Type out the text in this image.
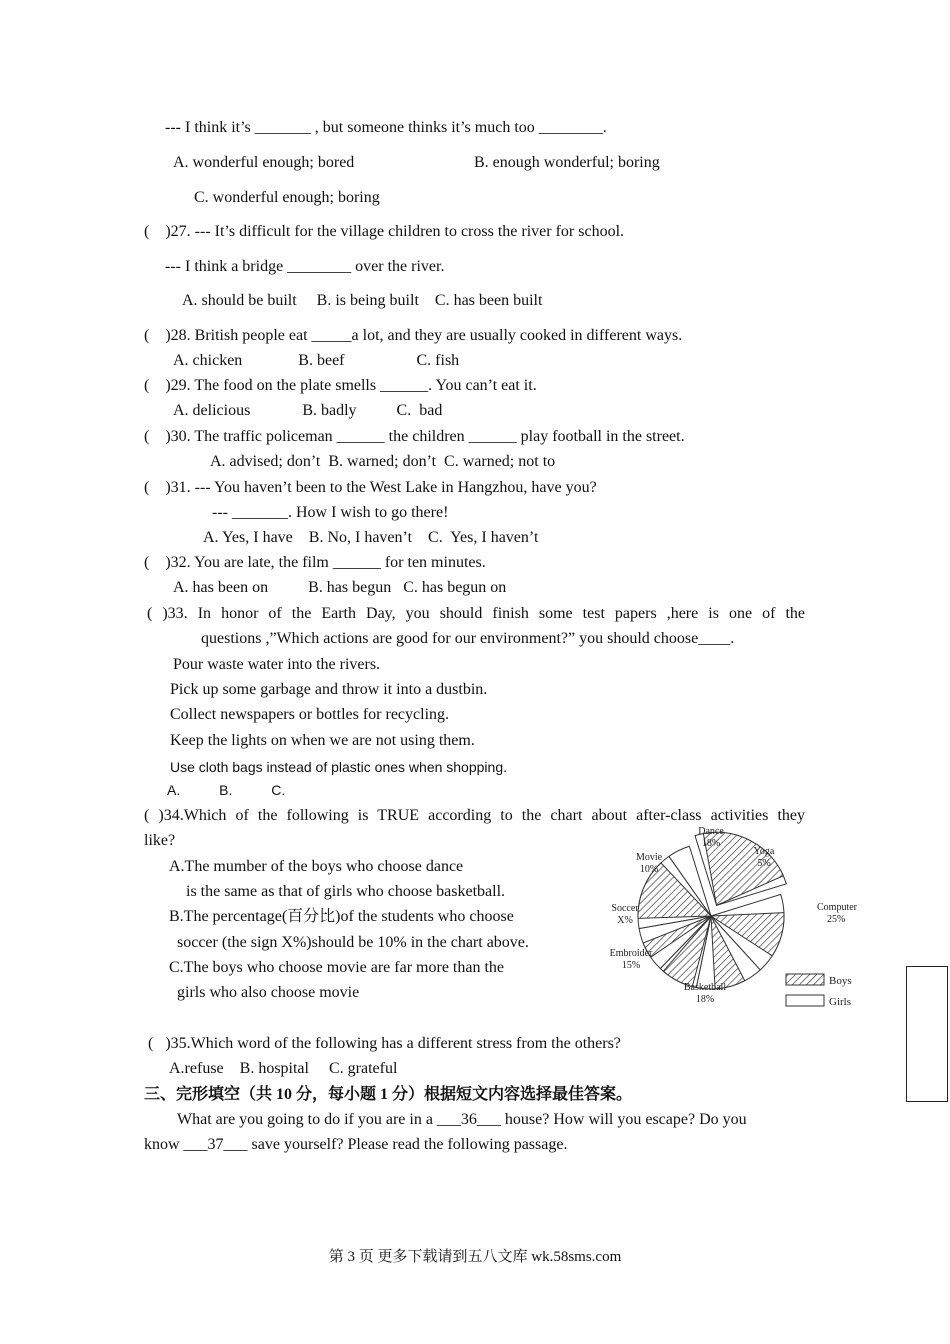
--- I think it’s _______ , but someone thinks it’s much too ________.
A. wonderful enough; bored	B. enough wonderful; boring
C. wonderful enough; boring
(    )27. --- It’s difficult for the village children to cross the river for school.
--- I think a bridge ________ over the river.
A. should be built     B. is being built    C. has been built
(    )28. British people eat _____a lot, and they are usually cooked in different ways.
A. chicken              B. beef                  C. fish
(    )29. The food on the plate smells ______. You can’t eat it.
A. delicious             B. badly          C.  bad
(    )30. The traffic policeman ______ the children ______ play football in the street.
A. advised; don’t  B. warned; don’t  C. warned; not to
(    )31. --- You haven’t been to the West Lake in Hangzhou, have you?
--- _______. How I wish to go there!
A. Yes, I have    B. No, I haven’t    C.  Yes, I haven’t
(    )32. You are late, the film ______ for ten minutes.
A. has been on          B. has begun   C. has begun on
( )33. In honor of the Earth Day, you should finish some test papers ,here is one of the
questions ,”Which actions are good for our environment?” you should choose____.
Pour waste water into the rivers.
Pick up some garbage and throw it into a dustbin.
Collect newspapers or bottles for recycling.
Keep the lights on when we are not using them.
Use cloth bags instead of plastic ones when shopping.
A.          B.          C.
( )34.Which of the following is TRUE according to the chart about after-class activities they
like?
A.The mumber of the boys who choose dance
is the same as that of girls who choose basketball.
B.The percentage(百分比)of the students who choose
soccer (the sign X%)should be 10% in the chart above.
C.The boys who choose movie are far more than the
girls who also choose movie
Dance
18%
Yoga
5%
Computer
25%
Basketball
18%
Embroider
15%
Soccer
X%
Movie
10%
Boys
Girls
(   )35.Which word of the following has a different stress from the others?
A.refuse    B. hospital     C. grateful
三、完形填空（共 10 分，每小题 1 分）根据短文内容选择最佳答案。
What are you going to do if you are in a ___36___ house? How will you escape? Do you
know ___37___ save yourself? Please read the following passage.
第 3 页 更多下载请到五八文库 wk.58sms.com
